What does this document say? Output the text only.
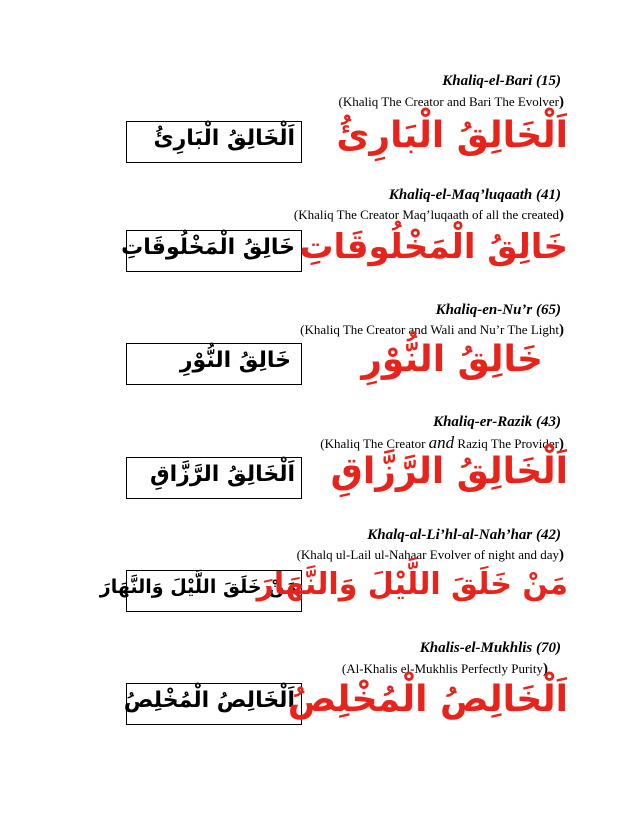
Khaliq-el-Bari (15)
(Khaliq The Creator and Bari The Evolver)
اَلْخَالِقُ الْبَارِیُٔ اَلْخَالِقُ الْبَارِیُٔ
Khaliq-el-Maq’luqaath (41)
(Khaliq The Creator Maq’luqaath of all the created)
خَالِقُ الْمَخْلُوقَاتِ خَالِقُ الْمَخْلُوقَاتِ
Khaliq-en-Nu’r (65)
(Khaliq The Creator and Wali and Nu’r The Light)
خَالِقُ النُّوْرِ خَالِقُ النُّوْرِ
Khaliq-er-Razik (43)
(Khaliq The Creator and Raziq The Provider)
اَلْخَالِقُ الرَّزَّاقِ اَلْخَالِقُ الرَّزَّاقِ
Khalq-al-Li’hl-al-Nah’har (42)
(Khalq ul-Lail ul-Nahaar Evolver of night and day)
مَنْ خَلَقَ اللَّيْلَ وَالنَّهَارَ
مَنْ خَلَقَ اللَّيْلَ وَالنَّهَارَ
Khalis-el-Mukhlis (70)
(Al-Khalis el-Mukhlis Perfectly Purity)
اَلْخَالِصُ الْمُخْلِصُ
اَلْخَالِصُ الْمُخْلِصُ
